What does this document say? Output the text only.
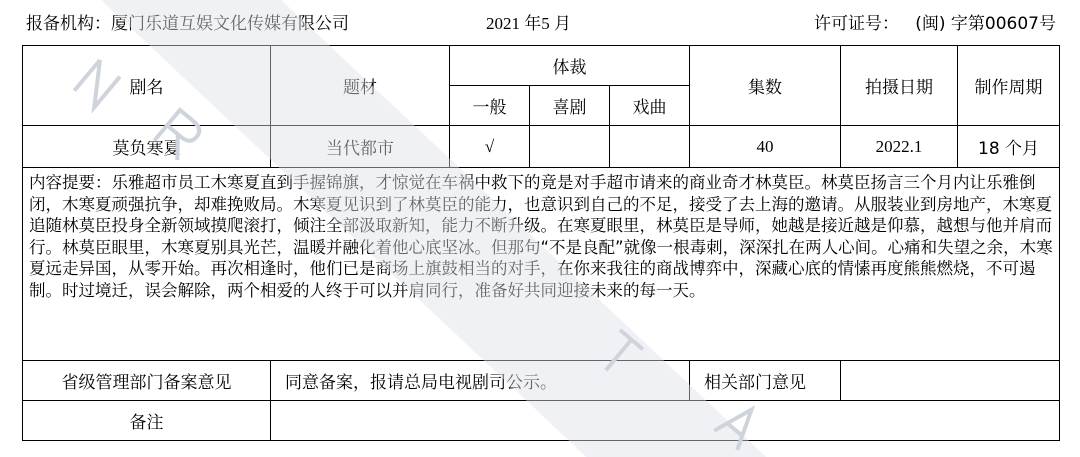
报备机构：厦门乐道互娱文化传媒有限公司	2021 年5 月	许可证号： (闽) 字第00607号
剧名	题材	体裁			集数	拍摄日期	制作周期
		一般	喜剧	戏曲			
莫负寒夏	当代都市	√			40	2022.1	18 个月
内容提要：乐雅超市员工木寒夏直到手握锦旗，才惊觉在车祸中救下的竟是对手超市请来的商业奇才林莫臣。林莫臣扬言三个月内让乐雅倒闭，木寒夏顽强抗争，却难挽败局。木寒夏见识到了林莫臣的能力，也意识到自己的不足，接受了去上海的邀请。从服装业到房地产，木寒夏追随林莫臣投身全新领域摸爬滚打，倾注全部汲取新知，能力不断升级。在寒夏眼里，林莫臣是导师，她越是接近越是仰慕，越想与他并肩而行。林莫臣眼里，木寒夏别具光芒，温暖并融化着他心底坚冰。但那句“不是良配”就像一根毒刺，深深扎在两人心间。心痛和失望之余，木寒夏远走异国，从零开始。再次相逢时，他们已是商场上旗鼓相当的对手，在你来我往的商战博弈中，深藏心底的情愫再度熊熊燃烧，不可遏制。时过境迁，误会解除，两个相爱的人终于可以并肩同行，准备好共同迎接未来的每一天。							
省级管理部门备案意见	同意备案，报请总局电视剧司公示。				相关部门意见		
备注							
